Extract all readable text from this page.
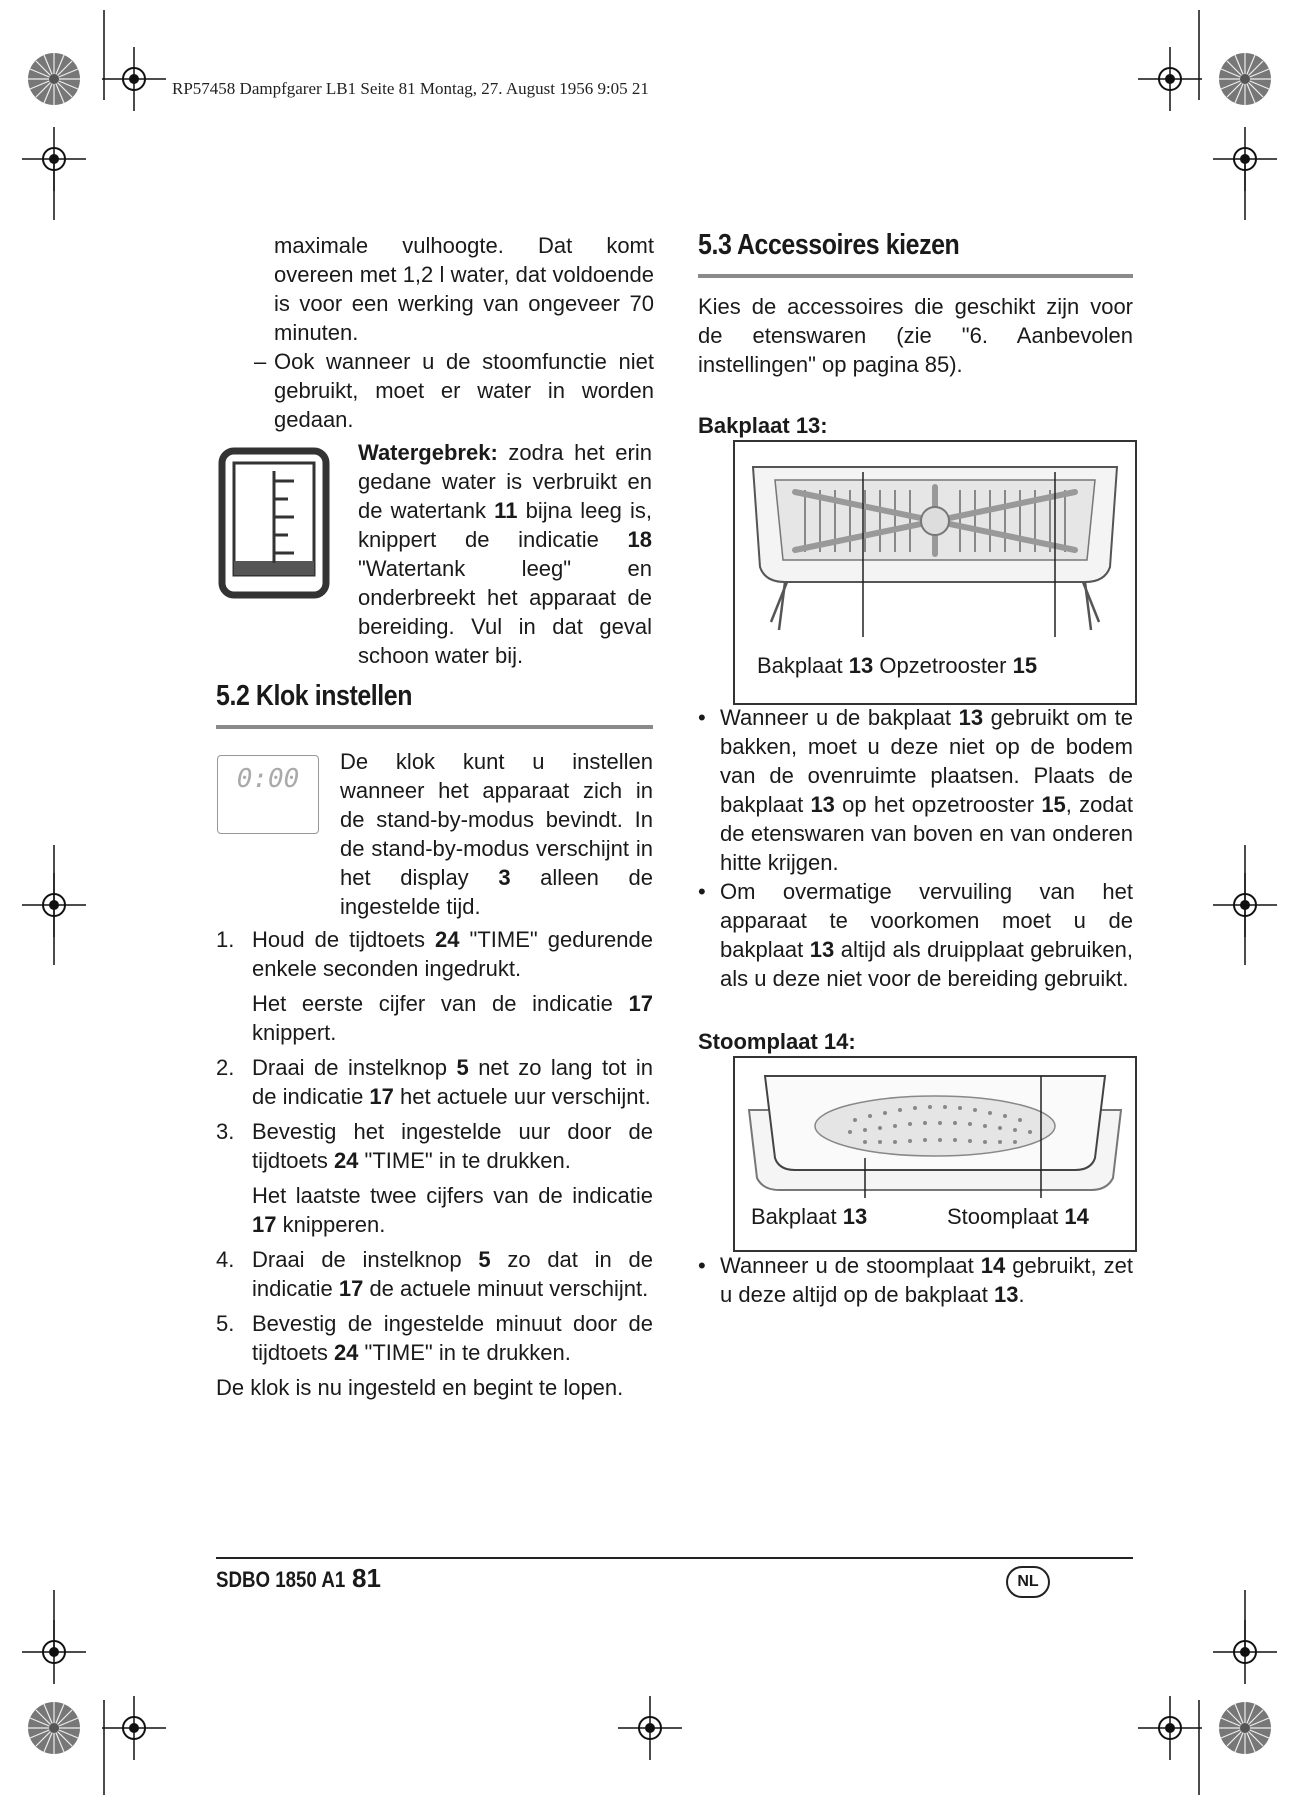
RP57458 Dampfgarer LB1 Seite 81 Montag, 27. August 1956 9:05 21

maximale vulhoogte. Dat komt overeen met 1,2 l water, dat voldoende is voor een werking van ongeveer 70 minuten.

– Ook wanneer u de stoomfunctie niet gebruikt, moet er water in worden gedaan.

Watergebrek: zodra het erin gedane water is verbruikt en de watertank 11 bijna leeg is, knippert de indicatie 18 "Watertank leeg" en onderbreekt het apparaat de bereiding. Vul in dat geval schoon water bij.
5.2 Klok instellen
0:00
De klok kunt u instellen wanneer het apparaat zich in de stand-by-modus bevindt. In de stand-by-modus verschijnt in het display 3 alleen de ingestelde tijd.
1. Houd de tijdtoets 24 "TIME" gedurende enkele seconden ingedrukt.
Het eerste cijfer van de indicatie 17 knippert.
2. Draai de instelknop 5 net zo lang tot in de indicatie 17 het actuele uur verschijnt.
3. Bevestig het ingestelde uur door de tijdtoets 24 "TIME" in te drukken.
Het laatste twee cijfers van de indicatie 17 knipperen.
4. Draai de instelknop 5 zo dat in de indicatie 17 de actuele minuut verschijnt.
5. Bevestig de ingestelde minuut door de tijdtoets 24 "TIME" in te drukken.

De klok is nu ingesteld en begint te lopen.

5.3 Accessoires kiezen

Kies de accessoires die geschikt zijn voor de etenswaren (zie "6. Aanbevolen instellingen" op pagina 85).

Bakplaat 13:
Bakplaat 13 Opzetrooster 15
• Wanneer u de bakplaat 13 gebruikt om te bakken, moet u deze niet op de bodem van de ovenruimte plaatsen. Plaats de bakplaat 13 op het opzetrooster 15, zodat de etenswaren van boven en van onderen hitte krijgen.
• Om overmatige vervuiling van het apparaat te voorkomen moet u de bakplaat 13 altijd als druipplaat gebruiken, als u deze niet voor de bereiding gebruikt.
Stoomplaat 14:
Bakplaat 13	Stoomplaat 14
• Wanneer u de stoomplaat 14 gebruikt, zet u deze altijd op de bakplaat 13.
SDBO 1850 A1 81	NL
